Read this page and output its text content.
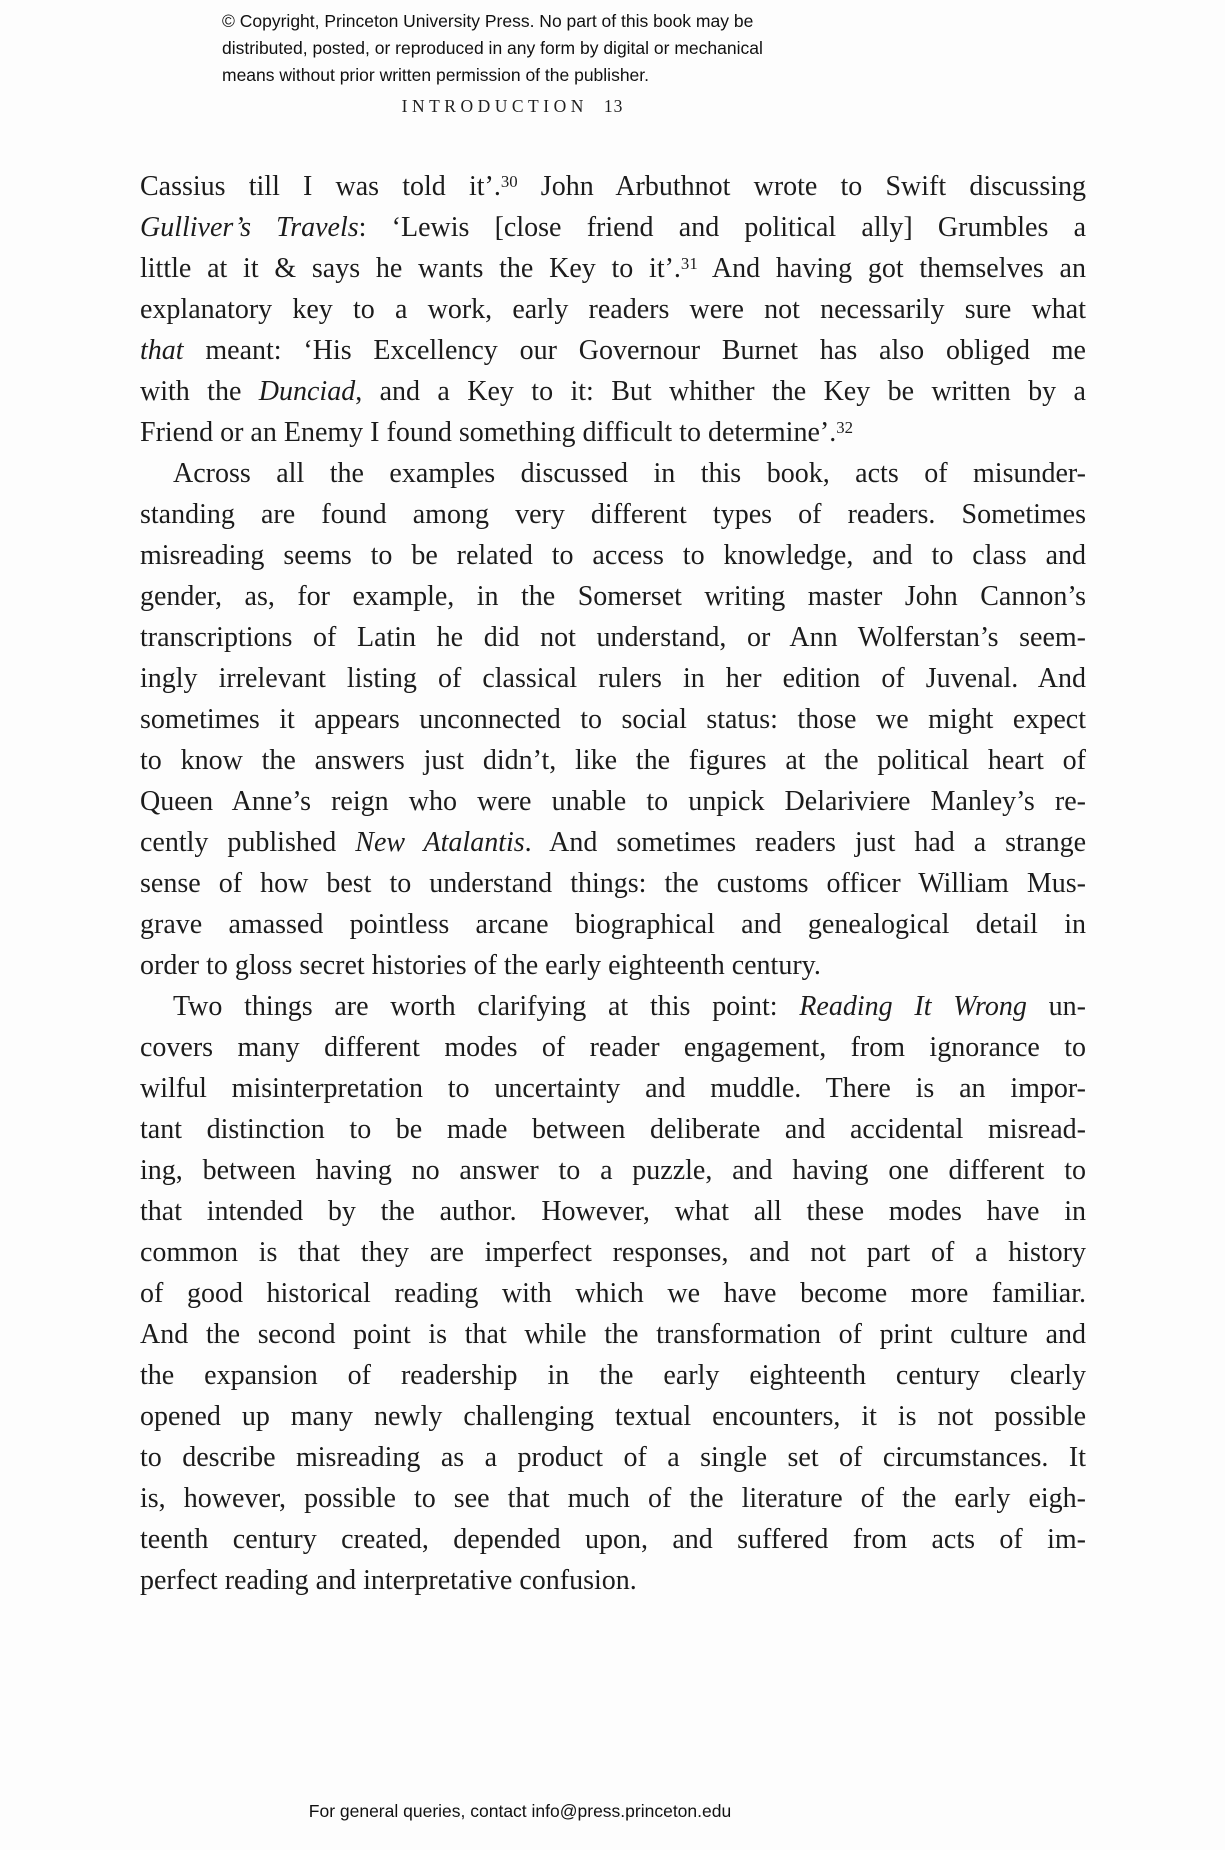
© Copyright, Princeton University Press. No part of this book may be
distributed, posted, or reproduced in any form by digital or mechanical
means without prior written permission of the publisher.
INTRODUCTION 13
Cassius till I was told it’.$^{30}$ John Arbuthnot wrote to Swift discussing
Gulliver’s Travels: ‘Lewis [close friend and political ally] Grumbles a
little at it & says he wants the Key to it’.$^{31}$ And having got themselves an
explanatory key to a work, early readers were not necessarily sure what
that meant: ‘His Excellency our Governour Burnet has also obliged me
with the Dunciad, and a Key to it: But whither the Key be written by a
Friend or an Enemy I found something difficult to determine’.$^{32}$
Across all the examples discussed in this book, acts of misunder-
standing are found among very different types of readers. Sometimes
misreading seems to be related to access to knowledge, and to class and
gender, as, for example, in the Somerset writing master John Cannon’s
transcriptions of Latin he did not understand, or Ann Wolferstan’s seem-
ingly irrelevant listing of classical rulers in her edition of Juvenal. And
sometimes it appears unconnected to social status: those we might expect
to know the answers just didn’t, like the figures at the political heart of
Queen Anne’s reign who were unable to unpick Delariviere Manley’s re-
cently published New Atalantis. And sometimes readers just had a strange
sense of how best to understand things: the customs officer William Mus-
grave amassed pointless arcane biographical and genealogical detail in
order to gloss secret histories of the early eighteenth century.
Two things are worth clarifying at this point: Reading It Wrong un-
covers many different modes of reader engagement, from ignorance to
wilful misinterpretation to uncertainty and muddle. There is an impor-
tant distinction to be made between deliberate and accidental misread-
ing, between having no answer to a puzzle, and having one different to
that intended by the author. However, what all these modes have in
common is that they are imperfect responses, and not part of a history
of good historical reading with which we have become more familiar.
And the second point is that while the transformation of print culture and
the expansion of readership in the early eighteenth century clearly
opened up many newly challenging textual encounters, it is not possible
to describe misreading as a product of a single set of circumstances. It
is, however, possible to see that much of the literature of the early eigh-
teenth century created, depended upon, and suffered from acts of im-
perfect reading and interpretative confusion.
For general queries, contact info@press.princeton.edu
